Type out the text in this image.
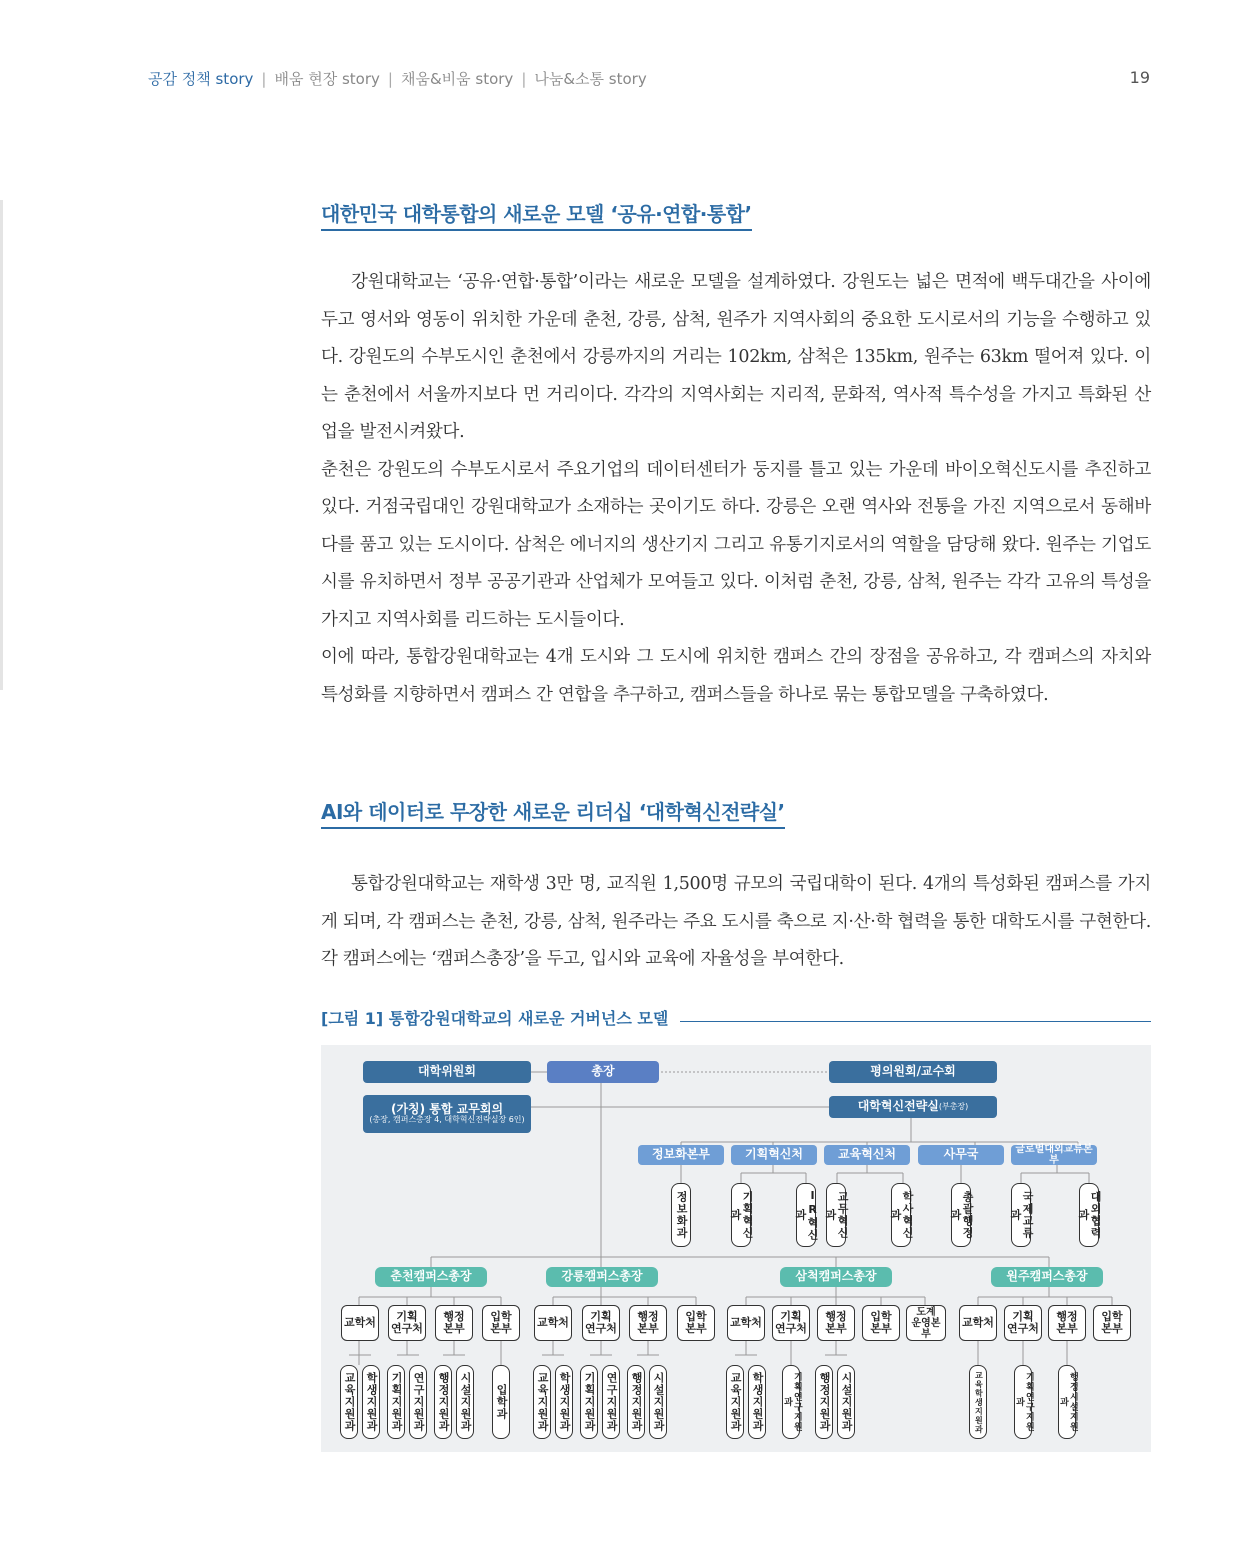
공감 정책 story | 배움 현장 story | 채움&비움 story | 나눔&소통 story	19
대한민국 대학통합의 새로운 모델 ‘공유·연합·통합’

강원대학교는 ‘공유·연합·통합’이라는 새로운 모델을 설계하였다. 강원도는 넓은 면적에 백두대간을 사이에 두고 영서와 영동이 위치한 가운데 춘천, 강릉, 삼척, 원주가 지역사회의 중요한 도시로서의 기능을 수행하고 있다. 강원도의 수부도시인 춘천에서 강릉까지의 거리는 102km, 삼척은 135km, 원주는 63km 떨어져 있다. 이는 춘천에서 서울까지보다 먼 거리이다. 각각의 지역사회는 지리적, 문화적, 역사적 특수성을 가지고 특화된 산업을 발전시켜왔다.

춘천은 강원도의 수부도시로서 주요기업의 데이터센터가 둥지를 틀고 있는 가운데 바이오혁신도시를 추진하고 있다. 거점국립대인 강원대학교가 소재하는 곳이기도 하다. 강릉은 오랜 역사와 전통을 가진 지역으로서 동해바다를 품고 있는 도시이다. 삼척은 에너지의 생산기지 그리고 유통기지로서의 역할을 담당해 왔다. 원주는 기업도시를 유치하면서 정부 공공기관과 산업체가 모여들고 있다. 이처럼 춘천, 강릉, 삼척, 원주는 각각 고유의 특성을 가지고 지역사회를 리드하는 도시들이다.

이에 따라, 통합강원대학교는 4개 도시와 그 도시에 위치한 캠퍼스 간의 장점을 공유하고, 각 캠퍼스의 자치와 특성화를 지향하면서 캠퍼스 간 연합을 추구하고, 캠퍼스들을 하나로 묶는 통합모델을 구축하였다.

AI와 데이터로 무장한 새로운 리더십 ‘대학혁신전략실’

통합강원대학교는 재학생 3만 명, 교직원 1,500명 규모의 국립대학이 된다. 4개의 특성화된 캠퍼스를 가지게 되며, 각 캠퍼스는 춘천, 강릉, 삼척, 원주라는 주요 도시를 축으로 지·산·학 협력을 통한 대학도시를 구현한다. 각 캠퍼스에는 ‘캠퍼스총장’을 두고, 입시와 교육에 자율성을 부여한다.

[그림 1] 통합강원대학교의 새로운 거버넌스 모델
대학위원회	총장	평의원회/교수회
(가칭) 통합 교무회의
(총장, 캠퍼스총장 4, 대학혁신전략실장 6인)
대학혁신전략실 (부총장)
정보화본부	기획혁신처	교육혁신처	사무국	글로벌대외교류본부
정보화과	기획혁신과	IR혁신과	교무혁신과	학사혁신과	총괄행정과	국제교류과	대외협력과
춘천캠퍼스총장	강릉캠퍼스총장	삼척캠퍼스총장	원주캠퍼스총장
교학처	기획
연구처
행정
본부
입학
본부	교학처	기획
연구처
행정
본부
입학
본부	교학처	기획
연구처
행정
본부
입학
본부
도계
운영본부
교학처	기획
연구처
행정
본부
입학
본부
교육지원과 학생지원과 기획지원과 연구지원과 행정지원과 시설지원과 입학과	교육지원과 학생지원과 기획지원과 연구지원과 행정지원과 시설지원과	교육지원과 학생지원과	기획연구지원과	행정지원과 시설지원과	교육학생지원과	기획연구지원과	행정시설지원과
